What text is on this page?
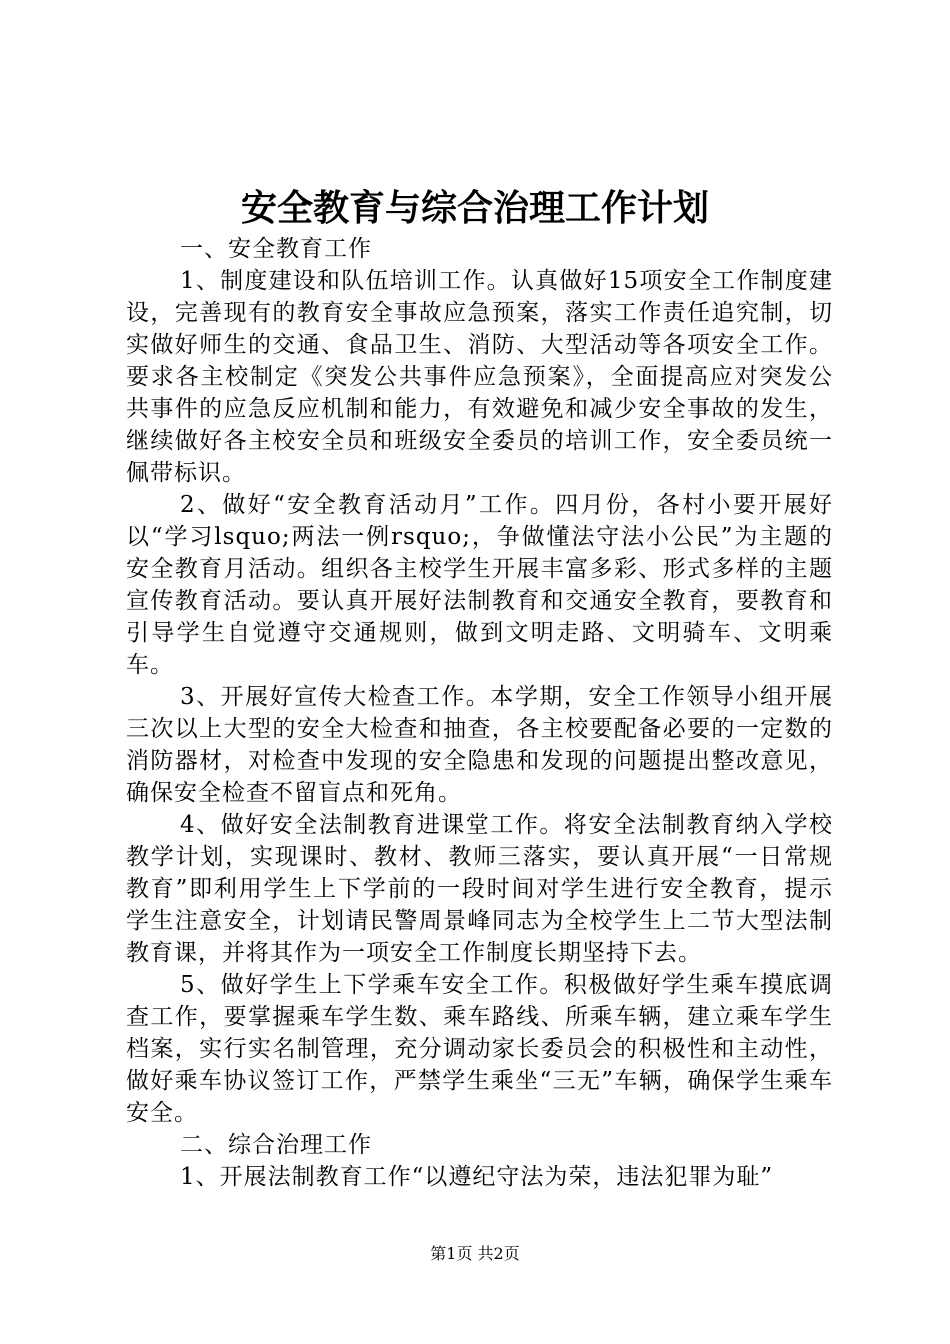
安全教育与综合治理工作计划

一、安全教育工作

1、制度建设和队伍培训工作。认真做好15项安全工作制度建设，完善现有的教育安全事故应急预案，落实工作责任追究制，切实做好师生的交通、食品卫生、消防、大型活动等各项安全工作。要求各主校制定《突发公共事件应急预案》，全面提高应对突发公共事件的应急反应机制和能力，有效避免和减少安全事故的发生，继续做好各主校安全员和班级安全委员的培训工作，安全委员统一佩带标识。

2、做好“安全教育活动月”工作。四月份，各村小要开展好以“学习lsquo;两法一例rsquo;，争做懂法守法小公民”为主题的安全教育月活动。组织各主校学生开展丰富多彩、形式多样的主题宣传教育活动。要认真开展好法制教育和交通安全教育，要教育和引导学生自觉遵守交通规则，做到文明走路、文明骑车、文明乘车。

3、开展好宣传大检查工作。本学期，安全工作领导小组开展三次以上大型的安全大检查和抽查，各主校要配备必要的一定数的消防器材，对检查中发现的安全隐患和发现的问题提出整改意见，确保安全检查不留盲点和死角。

4、做好安全法制教育进课堂工作。将安全法制教育纳入学校教学计划，实现课时、教材、教师三落实，要认真开展“一日常规教育”即利用学生上下学前的一段时间对学生进行安全教育，提示学生注意安全，计划请民警周景峰同志为全校学生上二节大型法制教育课，并将其作为一项安全工作制度长期坚持下去。

5、做好学生上下学乘车安全工作。积极做好学生乘车摸底调查工作，要掌握乘车学生数、乘车路线、所乘车辆，建立乘车学生档案，实行实名制管理，充分调动家长委员会的积极性和主动性，做好乘车协议签订工作，严禁学生乘坐“三无”车辆，确保学生乘车安全。

二、综合治理工作

1、开展法制教育工作“以遵纪守法为荣，违法犯罪为耻”

第1页 共2页
